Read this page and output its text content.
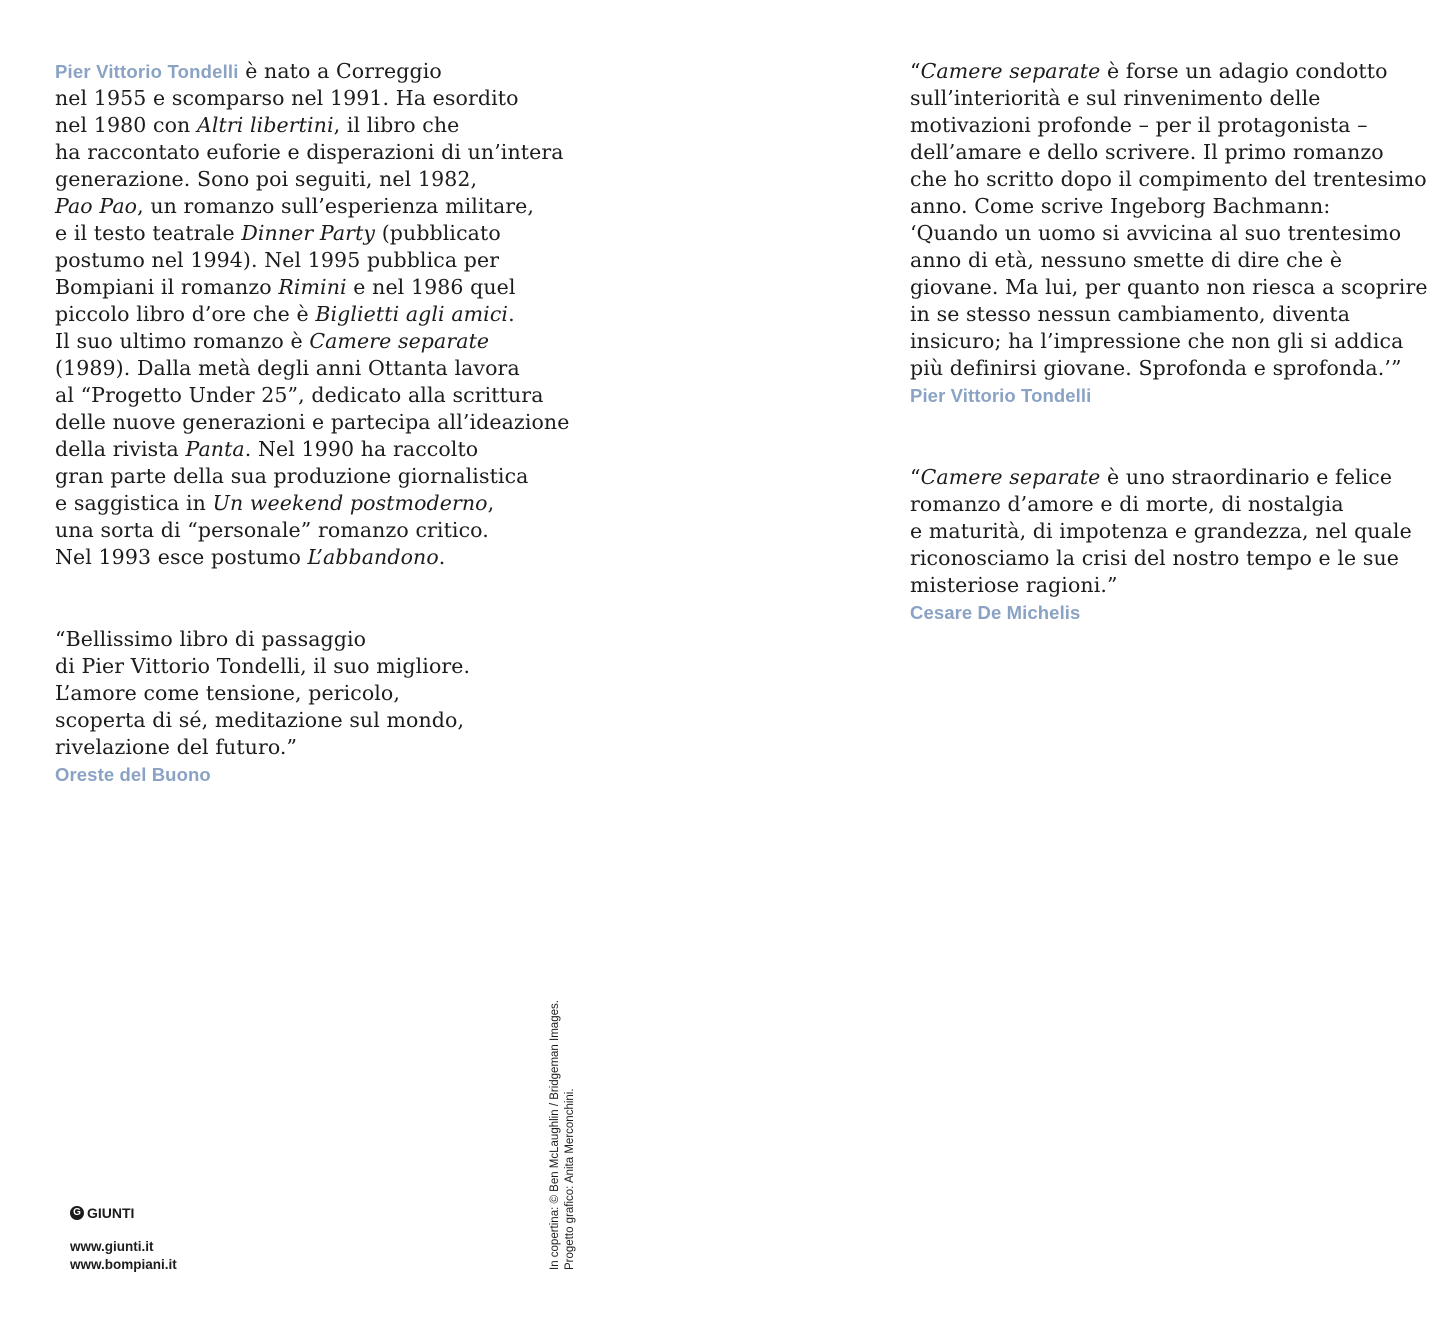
Pier Vittorio Tondelli è nato a Correggio
nel 1955 e scomparso nel 1991. Ha esordito
nel 1980 con Altri libertini, il libro che
ha raccontato euforie e disperazioni di un’intera
generazione. Sono poi seguiti, nel 1982,
Pao Pao, un romanzo sull’esperienza militare,
e il testo teatrale Dinner Party (pubblicato
postumo nel 1994). Nel 1995 pubblica per
Bompiani il romanzo Rimini e nel 1986 quel
piccolo libro d’ore che è Biglietti agli amici.
Il suo ultimo romanzo è Camere separate
(1989). Dalla metà degli anni Ottanta lavora
al “Progetto Under 25”, dedicato alla scrittura
delle nuove generazioni e partecipa all’ideazione
della rivista Panta. Nel 1990 ha raccolto
gran parte della sua produzione giornalistica
e saggistica in Un weekend postmoderno,
una sorta di “personale” romanzo critico.
Nel 1993 esce postumo L’abbandono.
“Bellissimo libro di passaggio
di Pier Vittorio Tondelli, il suo migliore.
L’amore come tensione, pericolo,
scoperta di sé, meditazione sul mondo,
rivelazione del futuro.”
Oreste del Buono
“Camere separate è forse un adagio condotto
sull’interiorità e sul rinvenimento delle
motivazioni profonde – per il protagonista –
dell’amare e dello scrivere. Il primo romanzo
che ho scritto dopo il compimento del trentesimo
anno. Come scrive Ingeborg Bachmann:
‘Quando un uomo si avvicina al suo trentesimo
anno di età, nessuno smette di dire che è
giovane. Ma lui, per quanto non riesca a scoprire
in se stesso nessun cambiamento, diventa
insicuro; ha l’impressione che non gli si addica
più definirsi giovane. Sprofonda e sprofonda.’”
Pier Vittorio Tondelli
“Camere separate è uno straordinario e felice
romanzo d’amore e di morte, di nostalgia
e maturità, di impotenza e grandezza, nel quale
riconosciamo la crisi del nostro tempo e le sue
misteriose ragioni.”
Cesare De Michelis
G GIUNTI
www.giunti.it
www.bompiani.it	In copertina: © Ben McLaughlin / Bridgeman Images. Progetto grafico: Anita Merconchini.
